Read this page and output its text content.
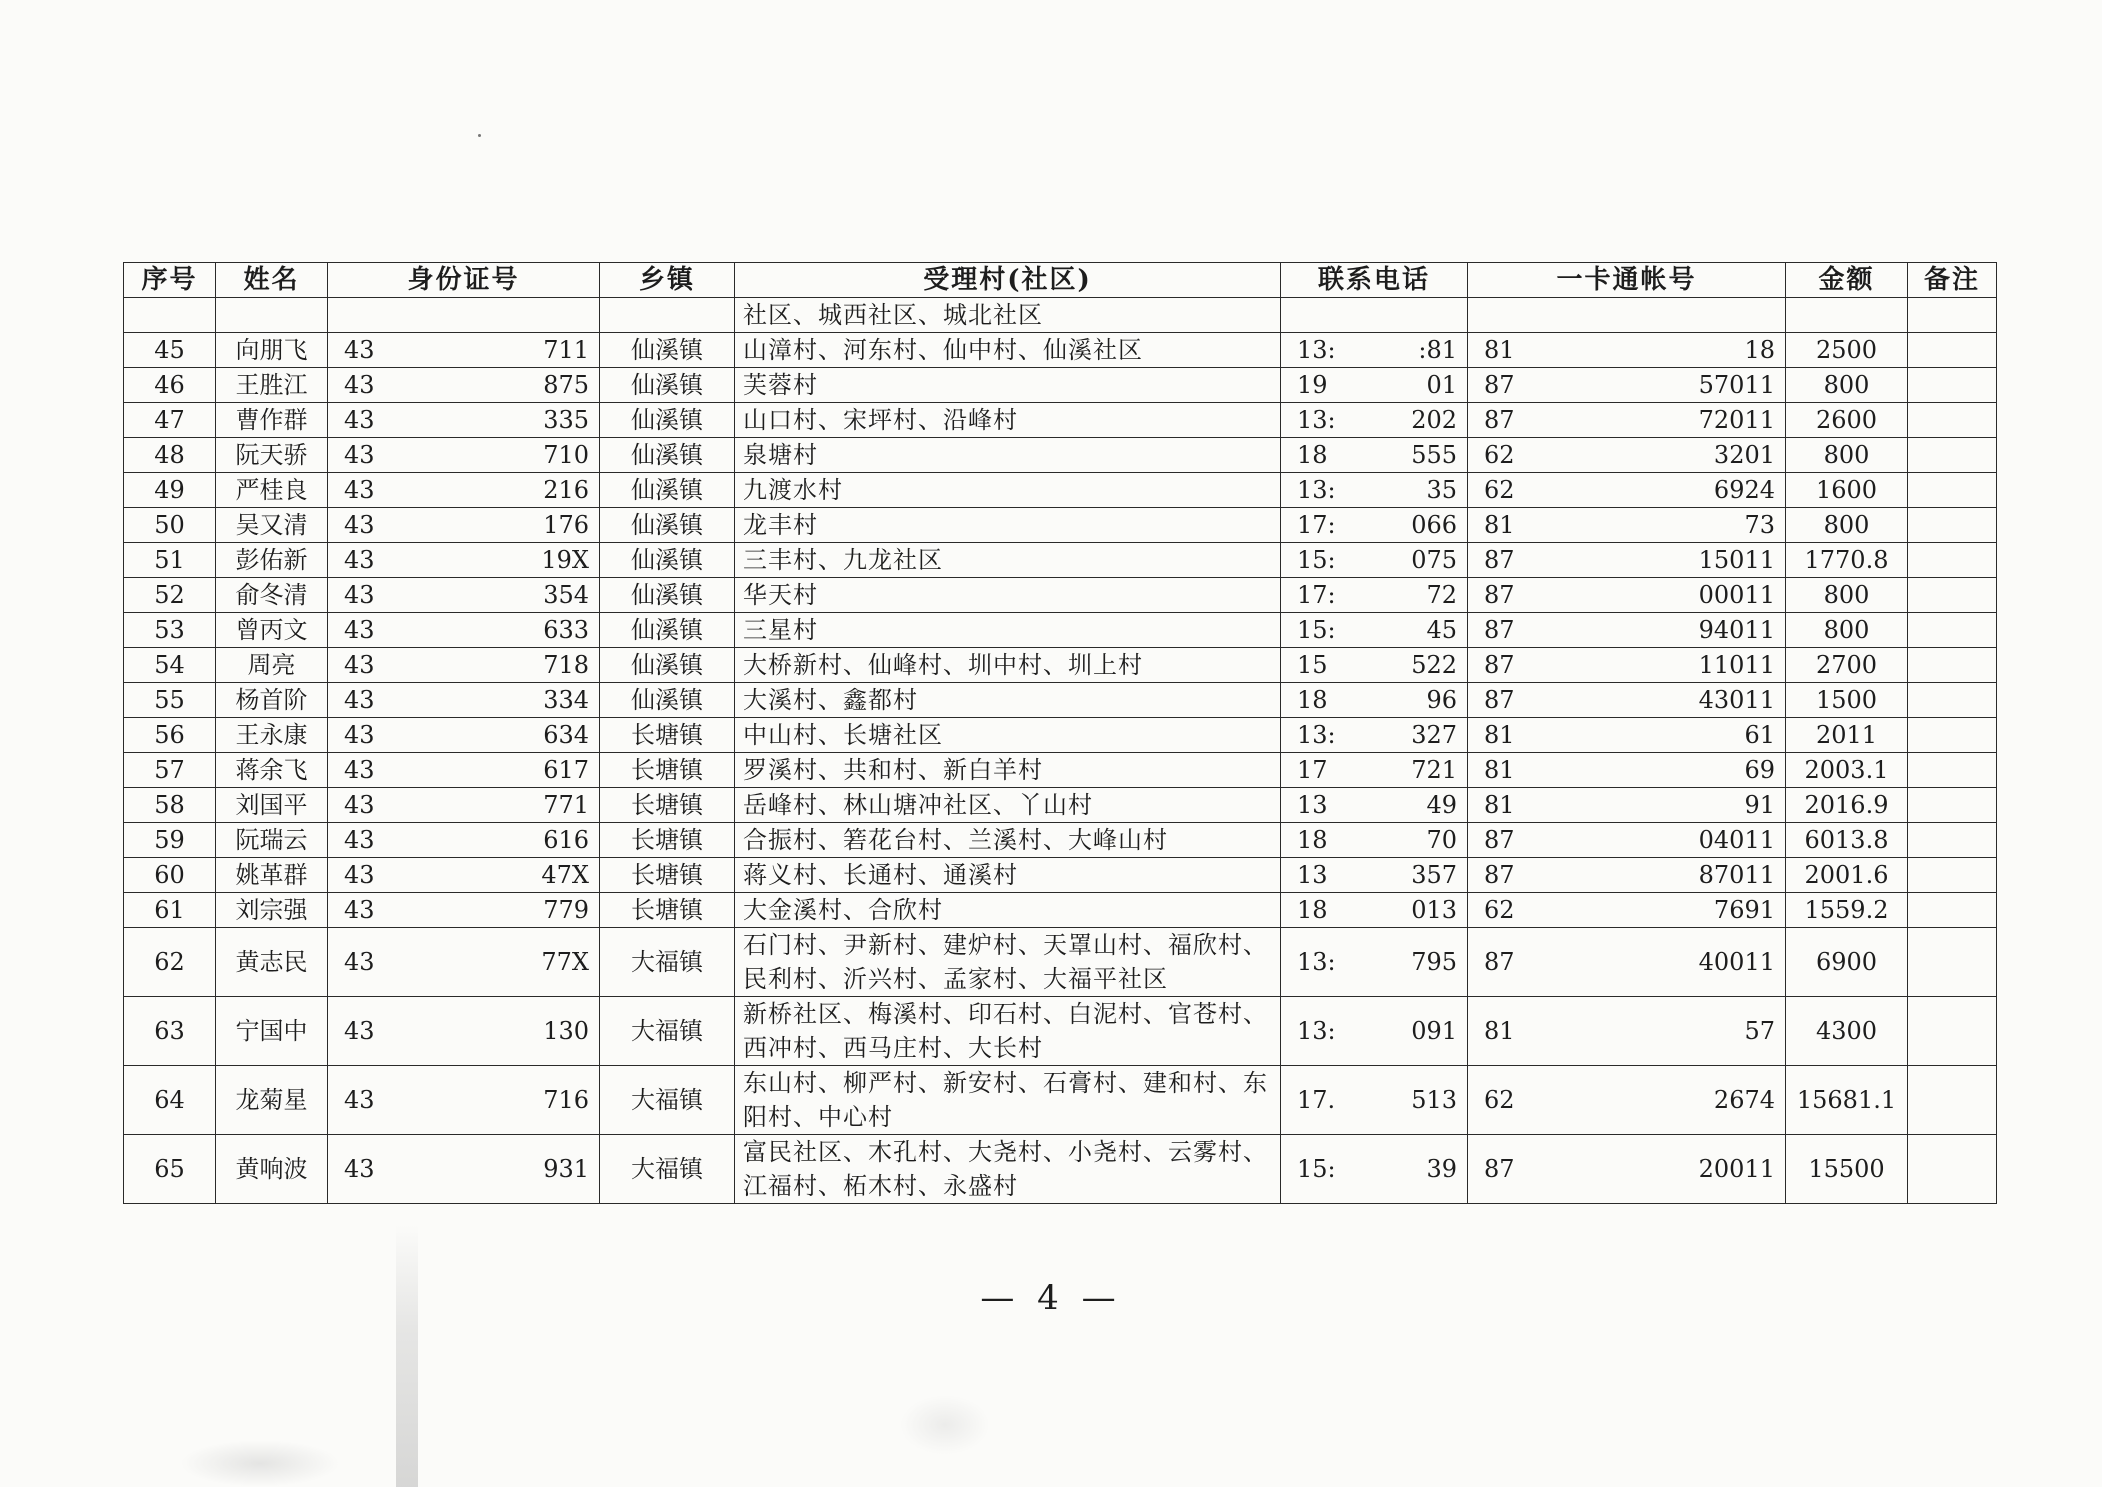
序号	姓名	身份证号	乡镇	受理村(社区)	联系电话	一卡通帐号	金额	备注
				社区、城西社区、城北社区				
45	向朋飞	43 711	仙溪镇	山漳村、河东村、仙中村、仙溪社区	13: :81	81 18	2500	
46	王胜江	43 875	仙溪镇	芙蓉村	19 01	87 57011	800	
47	曹作群	43 335	仙溪镇	山口村、宋坪村、沿峰村	13: 202	87 72011	2600	
48	阮天骄	43 710	仙溪镇	泉塘村	18 555	62 3201	800	
49	严桂良	43 216	仙溪镇	九渡水村	13: 35	62 6924	1600	
50	吴又清	43 176	仙溪镇	龙丰村	17: 066	81 73	800	
51	彭佑新	43 19X	仙溪镇	三丰村、九龙社区	15: 075	87 15011	1770.8	
52	俞冬清	43 354	仙溪镇	华天村	17: 72	87 00011	800	
53	曾丙文	43 633	仙溪镇	三星村	15: 45	87 94011	800	
54	周亮	43 718	仙溪镇	大桥新村、仙峰村、圳中村、圳上村	15 522	87 11011	2700	
55	杨首阶	43 334	仙溪镇	大溪村、鑫都村	18 96	87 43011	1500	
56	王永康	43 634	长塘镇	中山村、长塘社区	13: 327	81 61	2011	
57	蒋余飞	43 617	长塘镇	罗溪村、共和村、新白羊村	17 721	81 69	2003.1	
58	刘国平	43 771	长塘镇	岳峰村、林山塘冲社区、丫山村	13 49	81 91	2016.9	
59	阮瑞云	43 616	长塘镇	合振村、箬花台村、兰溪村、大峰山村	18 70	87 04011	6013.8	
60	姚革群	43 47X	长塘镇	蒋义村、长通村、通溪村	13 357	87 87011	2001.6	
61	刘宗强	43 779	长塘镇	大金溪村、合欣村	18 013	62 7691	1559.2	
62	黄志民	43 77X	大福镇	石门村、尹新村、建炉村、天罩山村、福欣村、民利村、沂兴村、孟家村、大福平社区	13: 795	87 40011	6900	
63	宁国中	43 130	大福镇	新桥社区、梅溪村、印石村、白泥村、官苍村、西冲村、西马庄村、大长村	13: 091	81 57	4300	
64	龙菊星	43 716	大福镇	东山村、柳严村、新安村、石膏村、建和村、东阳村、中心村	17. 513	62 2674	15681.1	
65	黄响波	43 931	大福镇	富民社区、木孔村、大尧村、小尧村、云雾村、江福村、柘木村、永盛村	15: 39	87 20011	15500	
— 4 —
